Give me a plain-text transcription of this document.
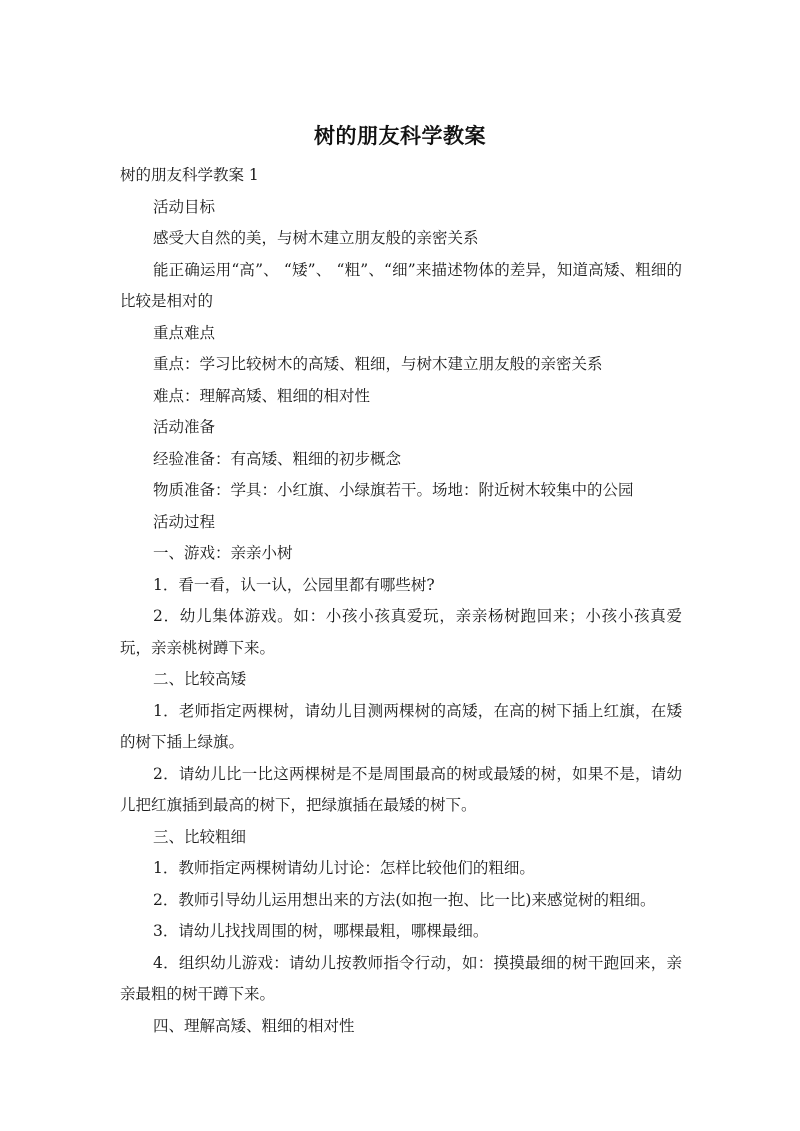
树的朋友科学教案

树的朋友科学教案 1

活动目标

感受大自然的美，与树木建立朋友般的亲密关系

能正确运用“高”、 “矮”、 “粗”、“细”来描述物体的差异，知道高矮、粗细的比较是相对的

重点难点

重点：学习比较树木的高矮、粗细，与树木建立朋友般的亲密关系

难点：理解高矮、粗细的相对性

活动准备

经验准备：有高矮、粗细的初步概念

物质准备：学具：小红旗、小绿旗若干。场地：附近树木较集中的公园

活动过程

一、游戏：亲亲小树

1．看一看，认一认，公园里都有哪些树?

2．幼儿集体游戏。如：小孩小孩真爱玩，亲亲杨树跑回来；小孩小孩真爱玩，亲亲桃树蹲下来。

二、比较高矮

1．老师指定两棵树，请幼儿目测两棵树的高矮，在高的树下插上红旗，在矮的树下插上绿旗。

2．请幼儿比一比这两棵树是不是周围最高的树或最矮的树，如果不是，请幼儿把红旗插到最高的树下，把绿旗插在最矮的树下。

三、比较粗细

1．教师指定两棵树请幼儿讨论：怎样比较他们的粗细。

2．教师引导幼儿运用想出来的方法(如抱一抱、比一比)来感觉树的粗细。

3．请幼儿找找周围的树，哪棵最粗，哪棵最细。

4．组织幼儿游戏：请幼儿按教师指令行动，如：摸摸最细的树干跑回来，亲亲最粗的树干蹲下来。

四、理解高矮、粗细的相对性
